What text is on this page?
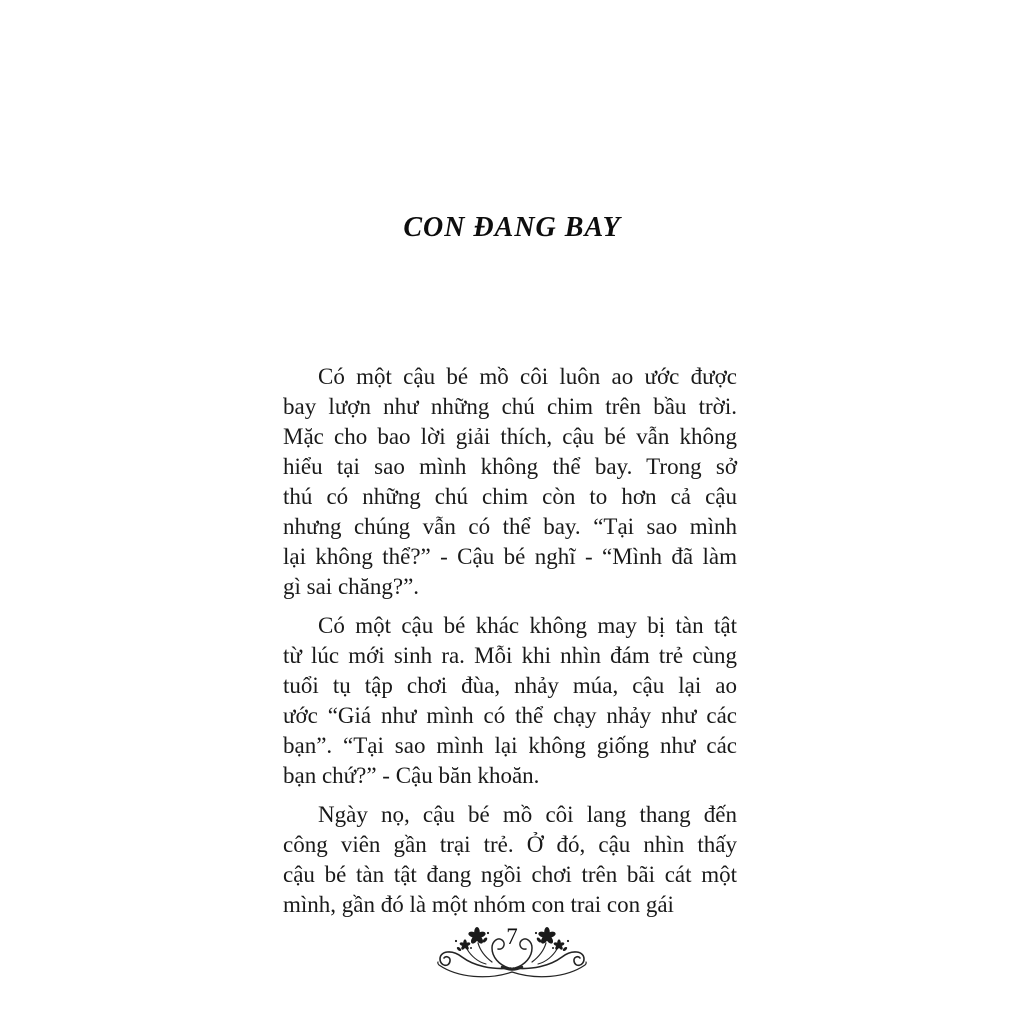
CON ĐANG BAY
Có một cậu bé mồ côi luôn ao ước được
bay lượn như những chú chim trên bầu trời.
Mặc cho bao lời giải thích, cậu bé vẫn không
hiểu tại sao mình không thể bay. Trong sở
thú có những chú chim còn to hơn cả cậu
nhưng chúng vẫn có thể bay. “Tại sao mình
lại không thể?” - Cậu bé nghĩ - “Mình đã làm
gì sai chăng?”.
Có một cậu bé khác không may bị tàn tật
từ lúc mới sinh ra. Mỗi khi nhìn đám trẻ cùng
tuổi tụ tập chơi đùa, nhảy múa, cậu lại ao
ước “Giá như mình có thể chạy nhảy như các
bạn”. “Tại sao mình lại không giống như các
bạn chứ?” - Cậu băn khoăn.
Ngày nọ, cậu bé mồ côi lang thang đến
công viên gần trại trẻ. Ở đó, cậu nhìn thấy
cậu bé tàn tật đang ngồi chơi trên bãi cát một
mình, gần đó là một nhóm con trai con gái
7
